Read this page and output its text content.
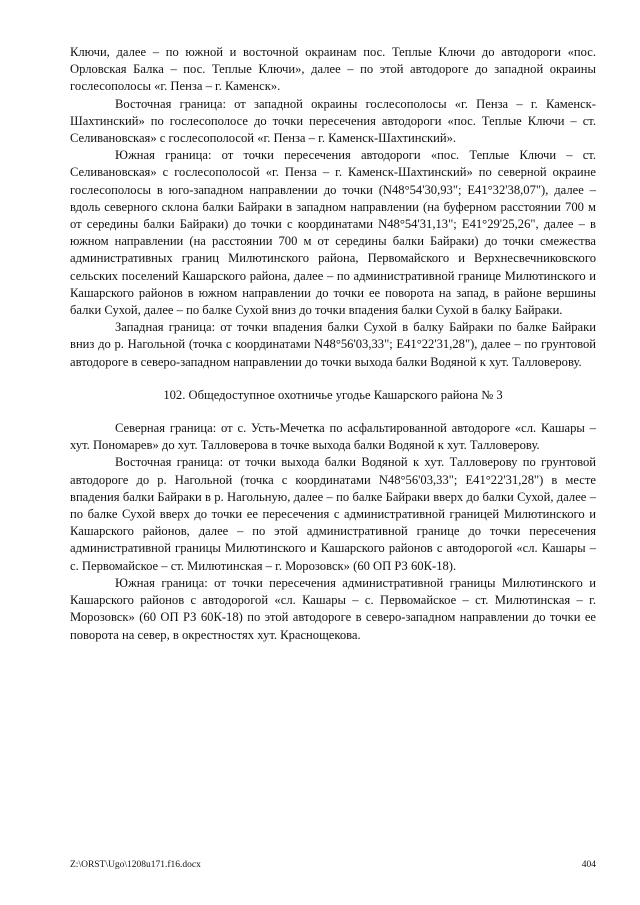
Ключи, далее – по южной и восточной окраинам пос. Теплые Ключи до автодороги «пос. Орловская Балка – пос. Теплые Ключи», далее – по этой автодороге до западной окраины гослесополосы «г. Пенза – г. Каменск».

Восточная граница: от западной окраины гослесополосы «г. Пенза – г. Каменск-Шахтинский» по гослесополосе до точки пересечения автодороги «пос. Теплые Ключи – ст. Селивановская» с гослесополосой «г. Пенза – г. Каменск-Шахтинский».

Южная граница: от точки пересечения автодороги «пос. Теплые Ключи – ст. Селивановская» с гослесополосой «г. Пенза – г. Каменск-Шахтинский» по северной окраине гослесополосы в юго-западном направлении до точки (N48°54'30,93"; E41°32'38,07"), далее – вдоль северного склона балки Байраки в западном направлении (на буферном расстоянии 700 м от середины балки Байраки) до точки с координатами N48°54'31,13"; E41°29'25,26", далее – в южном направлении (на расстоянии 700 м от середины балки Байраки) до точки смежества административных границ Милютинского района, Первомайского и Верхнесвечниковского сельских поселений Кашарского района, далее – по административной границе Милютинского и Кашарского районов в южном направлении до точки ее поворота на запад, в районе вершины балки Сухой, далее – по балке Сухой вниз до точки впадения балки Сухой в балку Байраки.

Западная граница: от точки впадения балки Сухой в балку Байраки по балке Байраки вниз до р. Нагольной (точка с координатами N48°56'03,33"; E41°22'31,28"), далее – по грунтовой автодороге в северо-западном направлении до точки выхода балки Водяной к хут. Талловерову.

102. Общедоступное охотничье угодье Кашарского района № 3

Северная граница: от с. Усть-Мечетка по асфальтированной автодороге «сл. Кашары – хут. Пономарев» до хут. Талловерова в точке выхода балки Водяной к хут. Талловерову.

Восточная граница: от точки выхода балки Водяной к хут. Талловерову по грунтовой автодороге до р. Нагольной (точка с координатами N48°56'03,33"; E41°22'31,28") в месте впадения балки Байраки в р. Нагольную, далее – по балке Байраки вверх до балки Сухой, далее – по балке Сухой вверх до точки ее пересечения с административной границей Милютинского и Кашарского районов, далее – по этой административной границе до точки пересечения административной границы Милютинского и Кашарского районов с автодорогой «сл. Кашары – с. Первомайское – ст. Милютинская – г. Морозовск» (60 ОП РЗ 60К-18).

Южная граница: от точки пересечения административной границы Милютинского и Кашарского районов с автодорогой «сл. Кашары – с. Первомайское – ст. Милютинская – г. Морозовск» (60 ОП РЗ 60К-18) по этой автодороге в северо-западном направлении до точки ее поворота на север, в окрестностях хут. Краснощекова.

Z:\ORST\Ugo\1208u171.f16.docx	404
